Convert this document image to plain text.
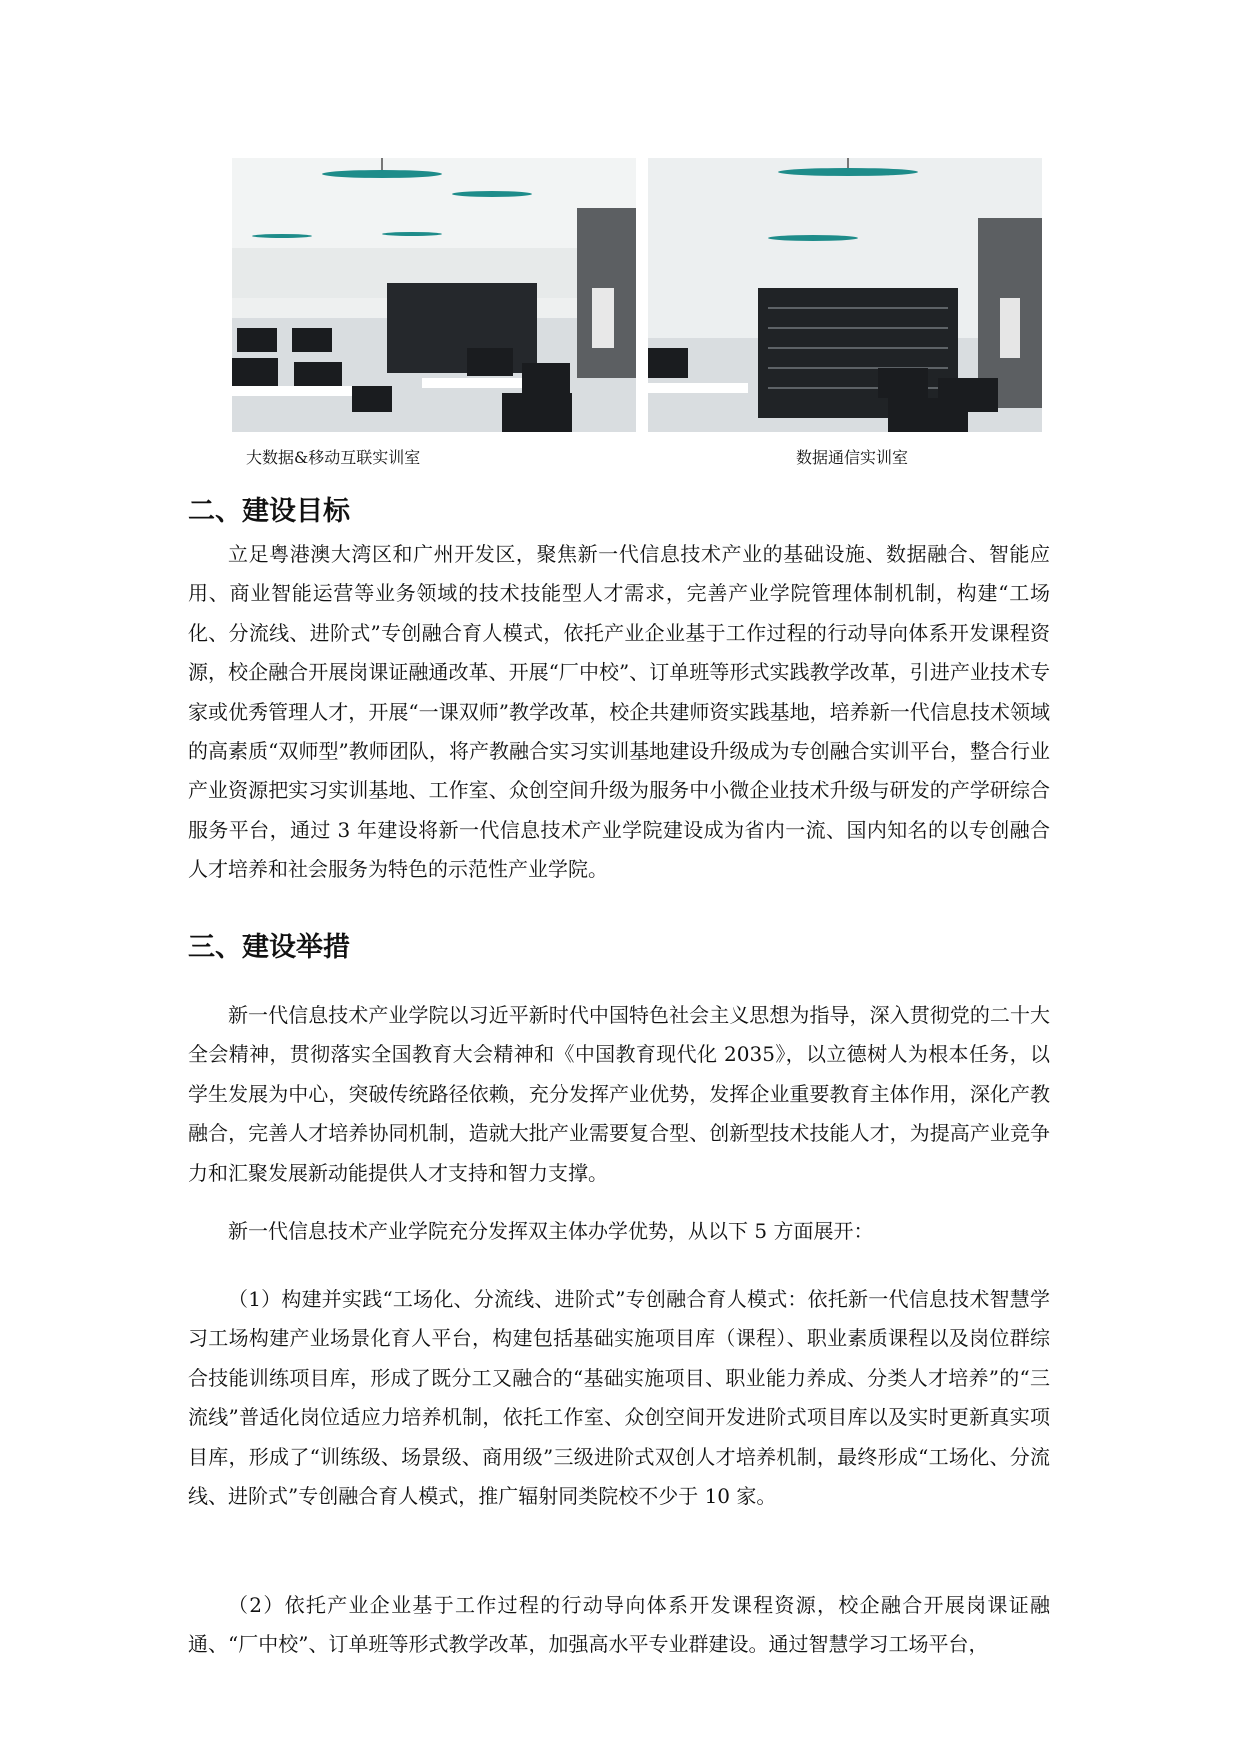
大数据&移动互联实训室	数据通信实训室
二、建设目标

立足粤港澳大湾区和广州开发区，聚焦新一代信息技术产业的基础设施、数据融合、智能应用、商业智能运营等业务领域的技术技能型人才需求，完善产业学院管理体制机制，构建“工场化、分流线、进阶式”专创融合育人模式，依托产业企业基于工作过程的行动导向体系开发课程资源，校企融合开展岗课证融通改革、开展“厂中校”、订单班等形式实践教学改革，引进产业技术专家或优秀管理人才，开展“一课双师”教学改革，校企共建师资实践基地，培养新一代信息技术领域的高素质“双师型”教师团队，将产教融合实习实训基地建设升级成为专创融合实训平台，整合行业产业资源把实习实训基地、工作室、众创空间升级为服务中小微企业技术升级与研发的产学研综合服务平台，通过 3 年建设将新一代信息技术产业学院建设成为省内一流、国内知名的以专创融合人才培养和社会服务为特色的示范性产业学院。

三、建设举措

新一代信息技术产业学院以习近平新时代中国特色社会主义思想为指导，深入贯彻党的二十大全会精神，贯彻落实全国教育大会精神和《中国教育现代化 2035》，以立德树人为根本任务，以学生发展为中心，突破传统路径依赖，充分发挥产业优势，发挥企业重要教育主体作用，深化产教融合，完善人才培养协同机制，造就大批产业需要复合型、创新型技术技能人才，为提高产业竞争力和汇聚发展新动能提供人才支持和智力支撑。

新一代信息技术产业学院充分发挥双主体办学优势，从以下 5 方面展开：

（1）构建并实践“工场化、分流线、进阶式”专创融合育人模式：依托新一代信息技术智慧学习工场构建产业场景化育人平台，构建包括基础实施项目库（课程）、职业素质课程以及岗位群综合技能训练项目库，形成了既分工又融合的“基础实施项目、职业能力养成、分类人才培养”的“三流线”普适化岗位适应力培养机制，依托工作室、众创空间开发进阶式项目库以及实时更新真实项目库，形成了“训练级、场景级、商用级”三级进阶式双创人才培养机制，最终形成“工场化、分流线、进阶式”专创融合育人模式，推广辐射同类院校不少于 10 家。

（2）依托产业企业基于工作过程的行动导向体系开发课程资源，校企融合开展岗课证融通、“厂中校”、订单班等形式教学改革，加强高水平专业群建设。通过智慧学习工场平台，
